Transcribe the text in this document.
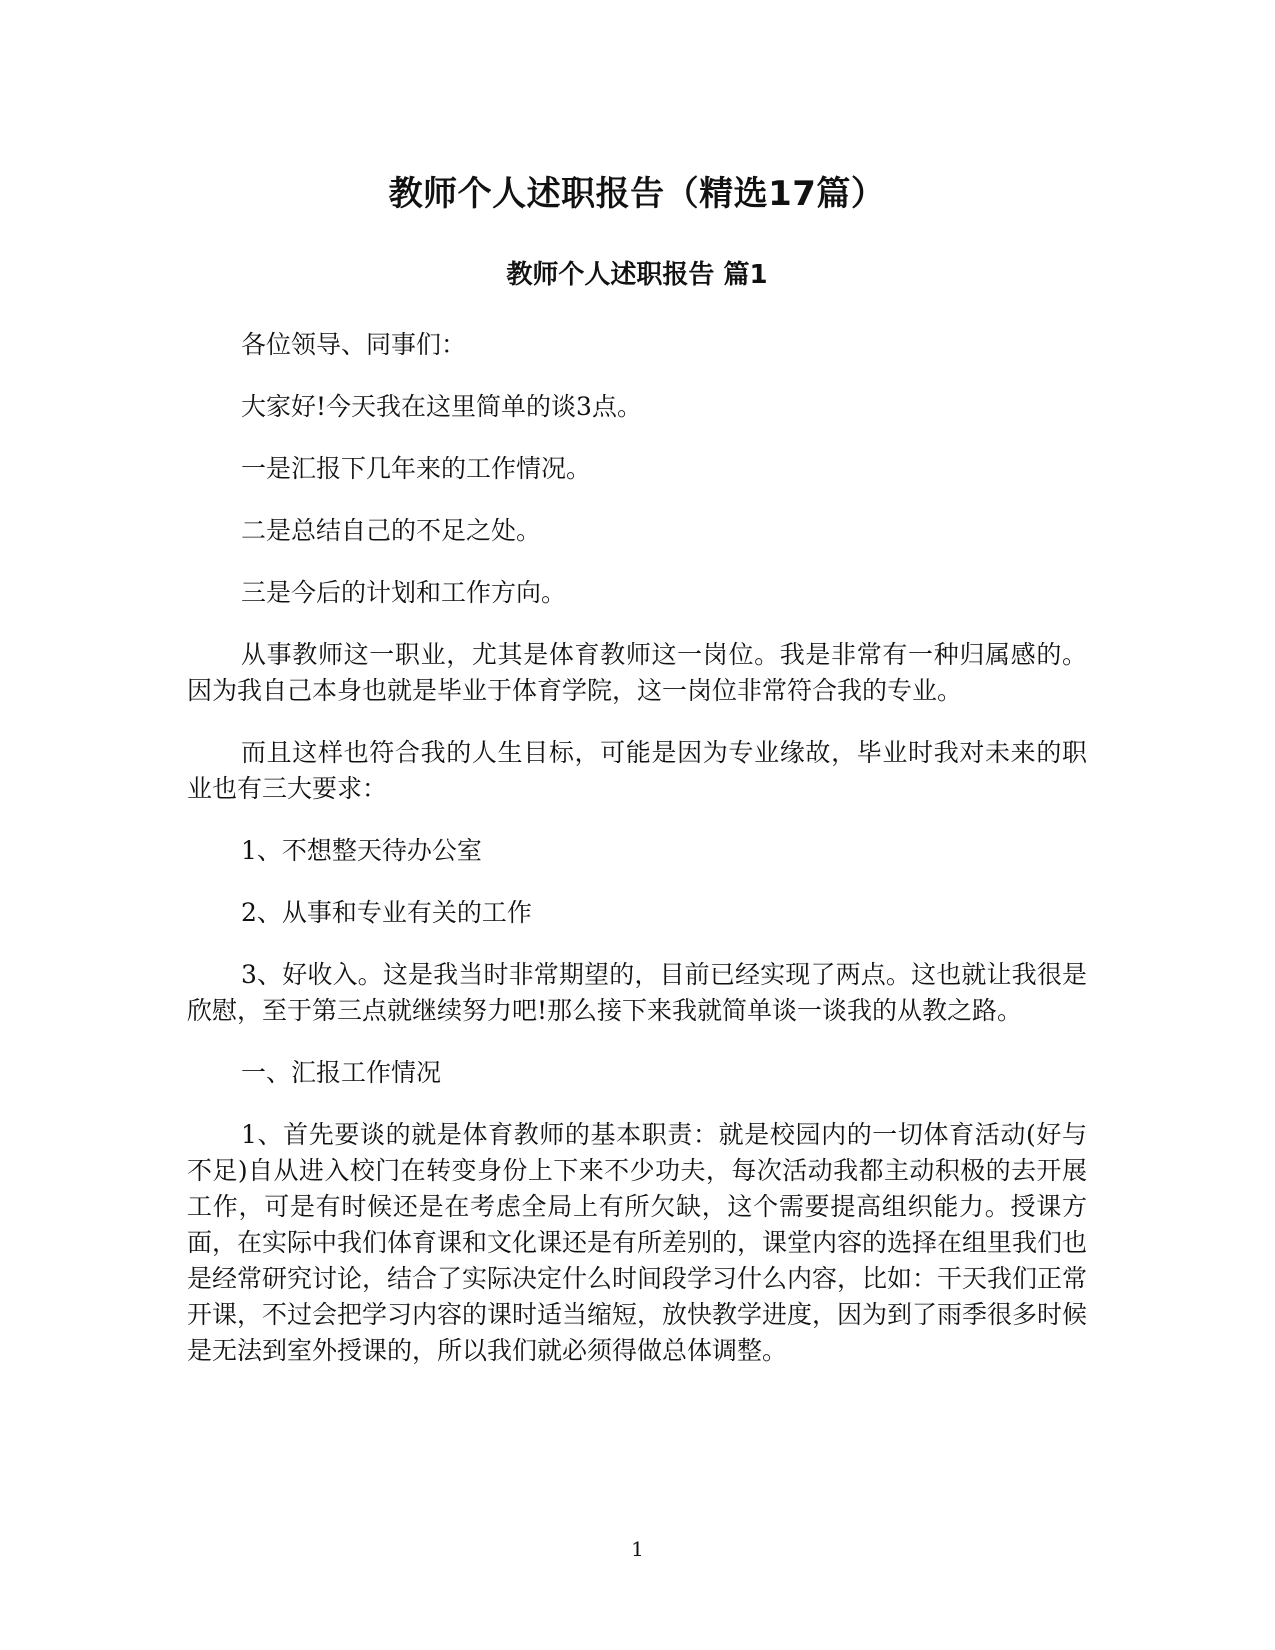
教师个人述职报告（精选17篇）
教师个人述职报告 篇1

各位领导、同事们：

大家好!今天我在这里简单的谈3点。

一是汇报下几年来的工作情况。

二是总结自己的不足之处。

三是今后的计划和工作方向。

从事教师这一职业，尤其是体育教师这一岗位。我是非常有一种归属感的。因为我自己本身也就是毕业于体育学院，这一岗位非常符合我的专业。

而且这样也符合我的人生目标，可能是因为专业缘故，毕业时我对未来的职业也有三大要求：

1、不想整天待办公室

2、从事和专业有关的工作

3、好收入。这是我当时非常期望的，目前已经实现了两点。这也就让我很是欣慰，至于第三点就继续努力吧!那么接下来我就简单谈一谈我的从教之路。

一、汇报工作情况

1、首先要谈的就是体育教师的基本职责：就是校园内的一切体育活动(好与不足)自从进入校门在转变身份上下来不少功夫，每次活动我都主动积极的去开展工作，可是有时候还是在考虑全局上有所欠缺，这个需要提高组织能力。授课方面，在实际中我们体育课和文化课还是有所差别的，课堂内容的选择在组里我们也是经常研究讨论，结合了实际决定什么时间段学习什么内容，比如：干天我们正常开课，不过会把学习内容的课时适当缩短，放快教学进度，因为到了雨季很多时候是无法到室外授课的，所以我们就必须得做总体调整。

1
